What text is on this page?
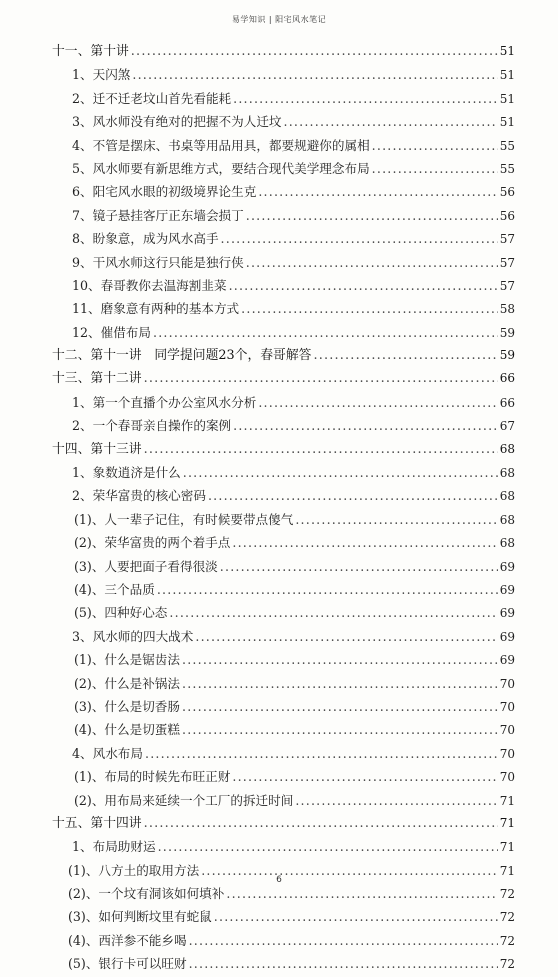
易学知识 | 阳宅风水笔记
十一、第十讲 .....	51
1、天闪煞 .....	51
2、迁不迁老坟山首先看能耗 .....	51
3、风水师没有绝对的把握不为人迁坟 .....	51
4、不管是摆床、书桌等用品用具，都要规避你的属相 .....	55
5、风水师要有新思维方式，要结合现代美学理念布局 .....	55
6、阳宅风水眼的初级境界论生克 .....	56
7、镜子悬挂客厅正东墙会损丁 .....	56
8、盼象意，成为风水高手 .....	57
9、干风水师这行只能是独行侠 .....	57
10、春哥教你去温海割韭菜 .....	57
11、磨象意有两种的基本方式 .....	58
12、催借布局 .....	59
十二、第十一讲　同学提问题23个，春哥解答 .....	59
十三、第十二讲 .....	66
1、第一个直播个办公室风水分析 .....	66
2、一个春哥亲自操作的案例 .....	67
十四、第十三讲 .....	68
1、象数逍济是什么 .....	68
2、荣华富贵的核心密码 .....	68
(1)、人一辈子记住，有时候要带点傻气 .....	68
(2)、荣华富贵的两个着手点 .....	68
(3)、人要把面子看得很淡 .....	69
(4)、三个品质 .....	69
(5)、四种好心态 .....	69
3、风水师的四大战术 .....	69
(1)、什么是锯齿法 .....	69
(2)、什么是补锅法 .....	70
(3)、什么是切香肠 .....	70
(4)、什么是切蛋糕 .....	70
4、风水布局 .....	70
(1)、布局的时候先布旺正财 .....	70
(2)、用布局来延续一个工厂的拆迁时间 .....	71
十五、第十四讲 .....	71
1、布局助财运 .....	71
(1)、八方土的取用方法 .....	71
(2)、一个坟有洞该如何填补 .....	72
(3)、如何判断坟里有蛇鼠 .....	72
(4)、西洋参不能乡喝 .....	72
(5)、银行卡可以旺财 .....	72
6
